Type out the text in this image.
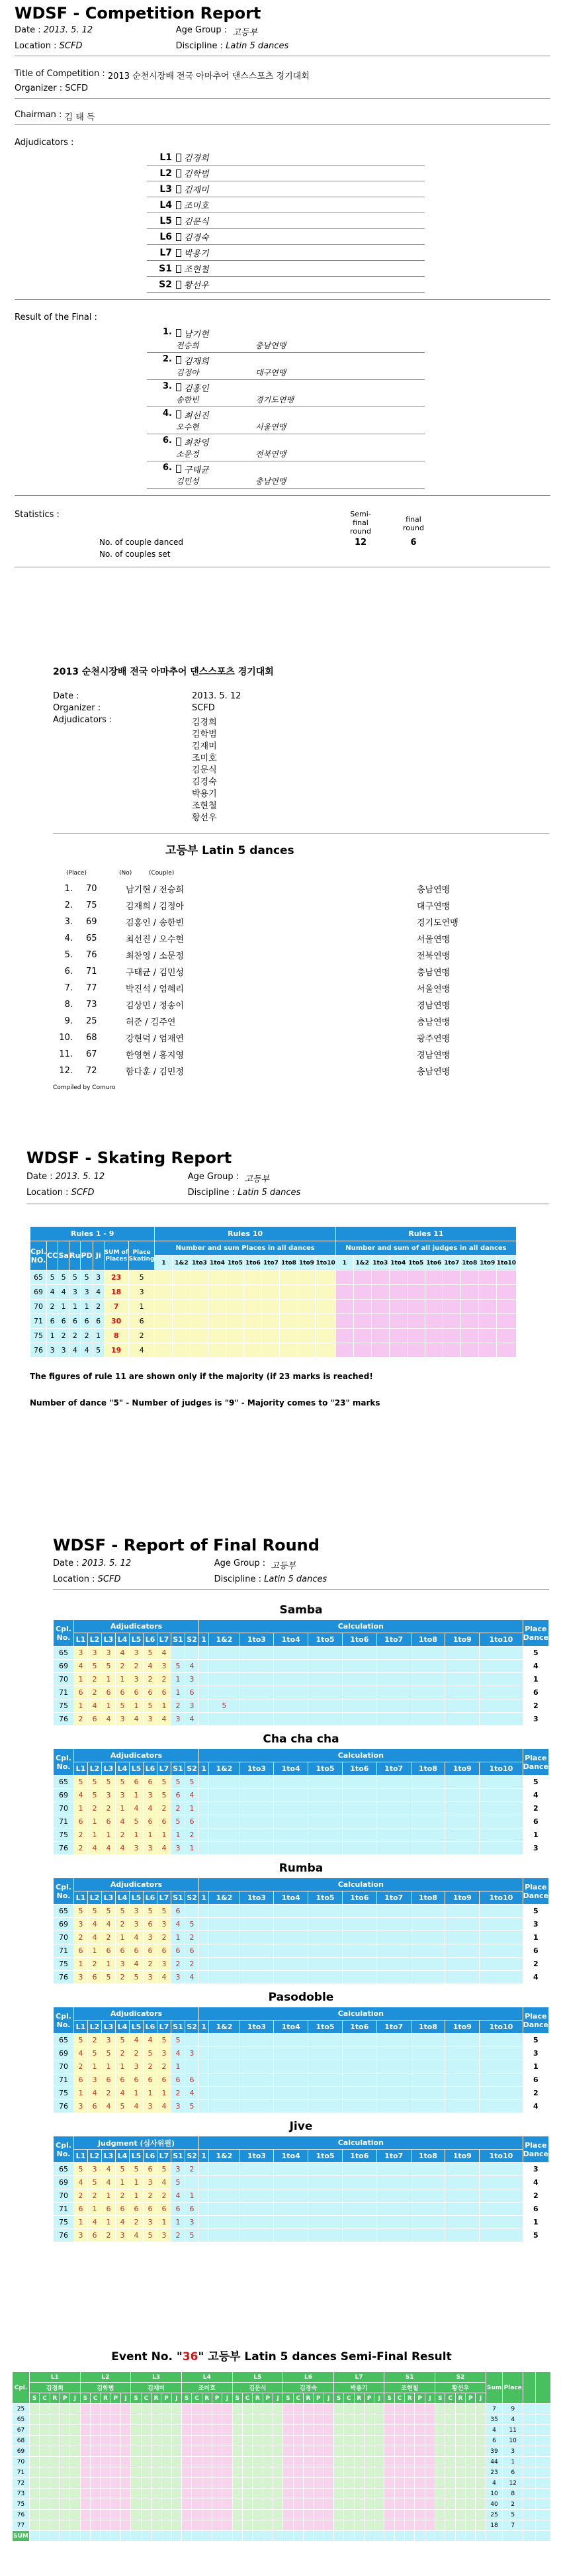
WDSF - Competition Report
Date :
2013. 5. 12	Age Group :
고등부
Location :
SCFD	Discipline :
Latin 5 dances
Title of Competition :
2013 순천시장배 전국 아마추어 댄스스포츠 경기대회
Organizer :
SCFD
Chairman :
김 태 득
Adjudicators :
L1	김경희
L2	김학범
L3	김재미
L4	조미호
L5	김문식
L6	김경숙
L7	박용기
S1	조현철
S2	황선우
Result of the Final :
1.	남기현
전승희	충남연맹
2.	김재희
김정아	대구연맹
3.	김홍인
송한빈	경기도연맹
4.	최선진
오수현	서울연맹
6.	최찬영
소문정	전북연맹
6.	구태균
김민성	충남연맹
Statistics :	Semi-final round
final round
12	6
No. of couple danced
No. of couples set
2013 순천시장배 전국 아마추어 댄스스포츠 경기대회
Date :	2013. 5. 12
Organizer :	SCFD
Adjudicators :	김경희
김학범
김재미
조미호
김문식
김경숙
박용기
조현철
황선우
고등부 Latin 5 dances
(Place)	(No)	(Couple)
1.	70	남기현 / 전승희	충남연맹
2.	75	김재희 / 김정아	대구연맹
3.	69	김홍인 / 송한빈	경기도연맹
4.	65	최선진 / 오수현	서울연맹
5.	76	최찬영 / 소문정	전북연맹
6.	71	구태균 / 김민성	충남연맹
7.	77	박진석 / 엄혜리	서울연맹
8.	73	김상민 / 정송이	경남연맹
9.	25	허준 / 김주연	충남연맹
10.	68	강현덕 / 엄재연	광주연맹
11.	67	한영현 / 홍지영	경남연맹
12.	72	함다훈 / 김민정	충남연맹
Compiled by Comuro
WDSF - Skating Report
Date :
2013. 5. 12	Age Group :
고등부
Location :
SCFD	Discipline :
Latin 5 dances
Rules 1 - 9								Rules 10										Rules 11									
Cpl. NO.	CC	Sa	Ru	PD	Ji	SUM of Places	Place Skating	Number and sum Places in all dances										Number and sum of all judges in all dances									
								1	1&2	1to3	1to4	1to5	1to6	1to7	1to8	1to9	1to10	1	1&2	1to3	1to4	1to5	1to6	1to7	1to8	1to9	1to10
65	5	5	5	5	3	23	5																				
69	4	4	3	3	4	18	3																				
70	2	1	1	1	2	7	1																				
71	6	6	6	6	6	30	6																				
75	1	2	2	2	1	8	2																				
76	3	3	4	4	5	19	4																				
The figures of rule 11 are shown only if the majority (if 23 marks is reached!
Number of dance "5" - Number of judges is "9" - Majority comes to "23" marks
WDSF - Report of Final Round
Date :
2013. 5. 12	Age Group :
고등부
Location :
SCFD	Discipline :
Latin 5 dances
Samba
Cpl. No.	Adjudicators									Calculation										Place Dance
	L1	L2	L3	L4	L5	L6	L7	S1	S2	1	1&2	1to3	1to4	1to5	1to6	1to7	1to8	1to9	1to10	
65	3	3	3	4	3	5	4													5
69	4	5	5	2	2	4	3	5	4											4
70	1	2	1	1	3	2	2	1	3											1
71	6	2	6	6	6	6	6	1	6											6
75	1	4	1	5	1	5	1	2	3		5									2
76	2	6	4	3	4	3	4	3	4											3
Cha cha cha
Cpl. No.	Adjudicators									Calculation										Place Dance
	L1	L2	L3	L4	L5	L6	L7	S1	S2	1	1&2	1to3	1to4	1to5	1to6	1to7	1to8	1to9	1to10	
65	5	5	5	5	6	6	5	5	5											5
69	4	5	3	3	1	3	5	6	4											4
70	1	2	2	1	4	4	2	2	1											2
71	6	1	6	4	5	6	6	5	6											6
75	2	1	1	2	1	1	1	1	2											1
76	2	4	4	4	3	3	4	3	1											3
Rumba
Cpl. No.	Adjudicators									Calculation										Place Dance
	L1	L2	L3	L4	L5	L6	L7	S1	S2	1	1&2	1to3	1to4	1to5	1to6	1to7	1to8	1to9	1to10	
65	5	5	5	5	3	5	5	6												5
69	3	4	4	2	3	6	3	4	5											3
70	2	4	2	1	4	3	2	1	2											1
71	6	1	6	6	6	6	6	6	6											6
75	1	2	1	3	4	2	3	2	2											2
76	3	6	5	2	5	3	4	3	4											4
Pasodoble
Cpl. No.	Adjudicators									Calculation										Place Dance
	L1	L2	L3	L4	L5	L6	L7	S1	S2	1	1&2	1to3	1to4	1to5	1to6	1to7	1to8	1to9	1to10	
65	5	2	3	5	4	4	5	5												5
69	4	5	5	2	2	5	3	4	3											3
70	2	1	1	1	3	2	2	1												1
71	6	3	6	6	6	6	6	6	6											6
75	1	4	2	4	1	1	1	2	4											2
76	3	6	4	5	4	3	4	3	5											4
Jive
Cpl. No.	Judgment (심사위원)									Calculation										Place Dance
	L1	L2	L3	L4	L5	L6	L7	S1	S2	1	1&2	1to3	1to4	1to5	1to6	1to7	1to8	1to9	1to10	
65	5	3	4	5	5	6	5	3	2											3
69	4	5	4	1	1	3	4	5												4
70	2	2	1	2	1	2	2	4	1											2
71	6	1	6	6	6	6	6	6	6											6
75	1	4	1	4	2	3	1	1	3											1
76	3	6	2	3	4	5	3	2	5											5
Event No. "36" 고등부 Latin 5 dances Semi-Final Result
Cpl.	L1					L2					L3					L4					L5					L6					L7					S1					S2					Sum	Place		
	김경희					김학범					김재미					조미호					김문식					김경숙					박용기					조현철					황선우								
	S	C	R	P	J	S	C	R	P	J	S	C	R	P	J	S	C	R	P	J	S	C	R	P	J	S	C	R	P	J	S	C	R	P	J	S	C	R	P	J	S	C	R	P	J				
25																																														7	9		
65																																														35	4		
67																																														4	11		
68																																														6	10		
69																																														39	3		
70																																														44	1		
71																																														23	6		
72																																														4	12		
73																																														10	8		
75																																														40	2		
76																																														25	5		
77																																														18	7		
SUM																																																	
